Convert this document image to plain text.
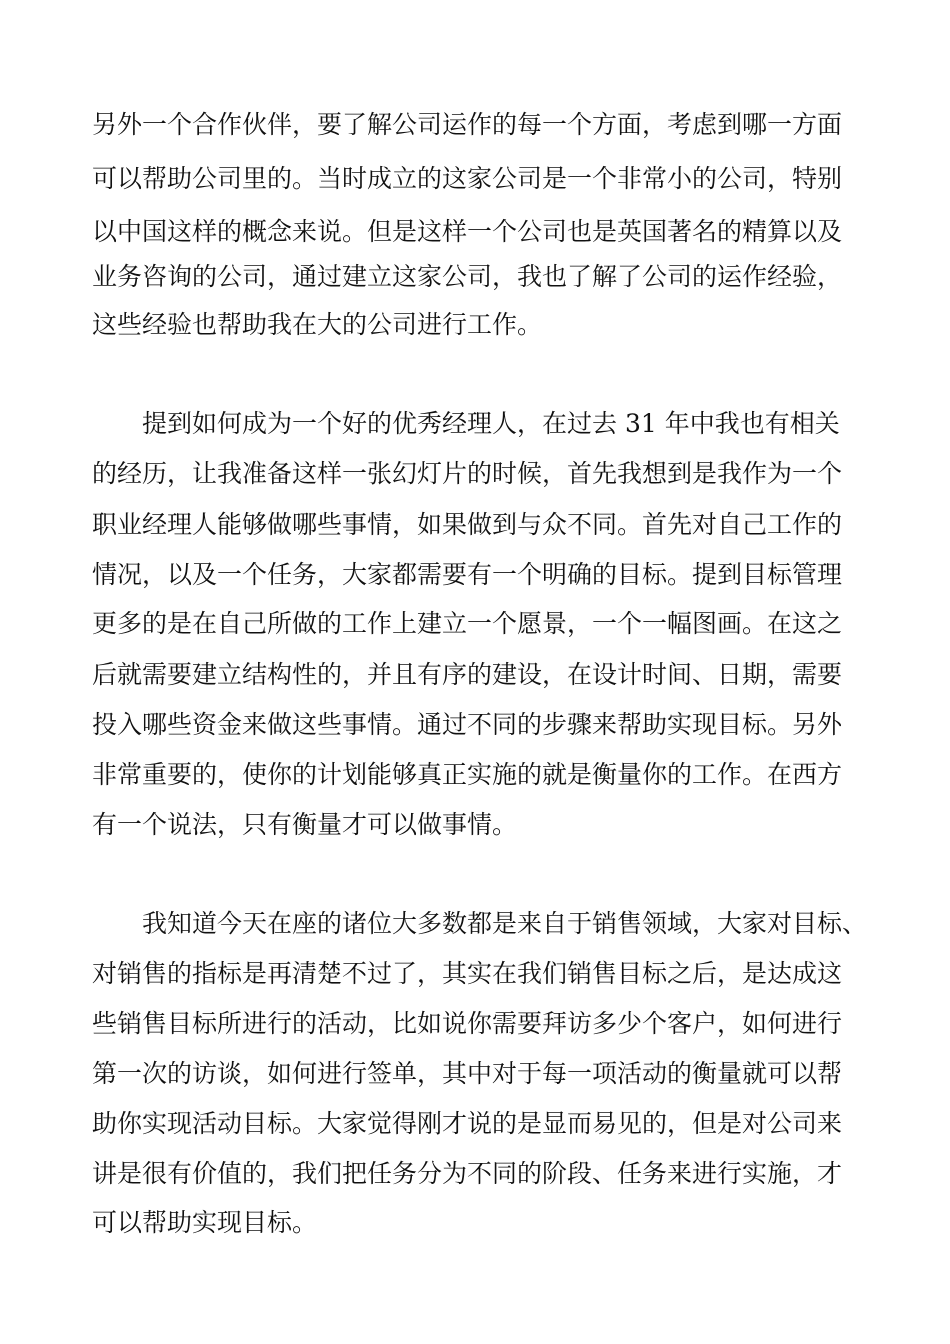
另外一个合作伙伴，要了解公司运作的每一个方面，考虑到哪一方面

可以帮助公司里的。当时成立的这家公司是一个非常小的公司，特别

以中国这样的概念来说。但是这样一个公司也是英国著名的精算以及

业务咨询的公司，通过建立这家公司，我也了解了公司的运作经验，

这些经验也帮助我在大的公司进行工作。

提到如何成为一个好的优秀经理人，在过去 31 年中我也有相关

的经历，让我准备这样一张幻灯片的时候，首先我想到是我作为一个

职业经理人能够做哪些事情，如果做到与众不同。首先对自己工作的

情况，以及一个任务，大家都需要有一个明确的目标。提到目标管理

更多的是在自己所做的工作上建立一个愿景，一个一幅图画。在这之

后就需要建立结构性的，并且有序的建设，在设计时间、日期，需要

投入哪些资金来做这些事情。通过不同的步骤来帮助实现目标。另外

非常重要的，使你的计划能够真正实施的就是衡量你的工作。在西方

有一个说法，只有衡量才可以做事情。

我知道今天在座的诸位大多数都是来自于销售领域，大家对目标、

对销售的指标是再清楚不过了，其实在我们销售目标之后，是达成这

些销售目标所进行的活动，比如说你需要拜访多少个客户，如何进行

第一次的访谈，如何进行签单，其中对于每一项活动的衡量就可以帮

助你实现活动目标。大家觉得刚才说的是显而易见的，但是对公司来

讲是很有价值的，我们把任务分为不同的阶段、任务来进行实施，才

可以帮助实现目标。
